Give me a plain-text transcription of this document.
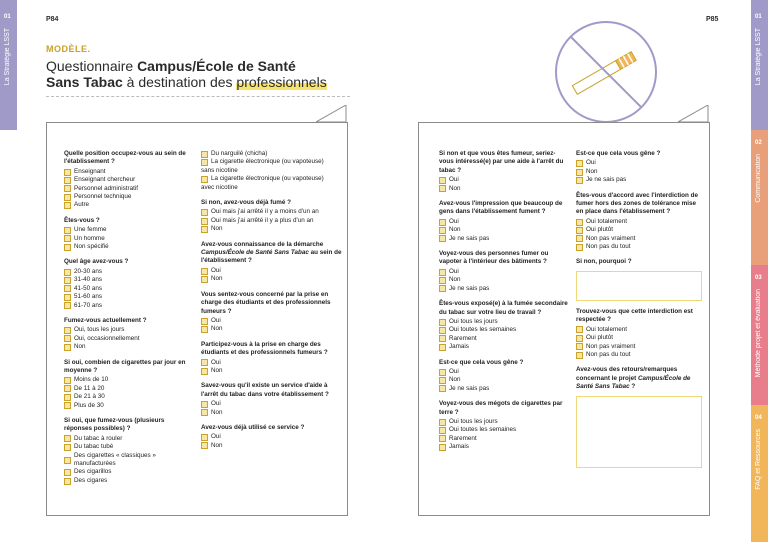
01
La Stratégie LSST
01
La Stratégie LSST
02
Communication
03
Méthode projet et évaluation
04
FAQ et Ressources
P84	P85
MODÈLE.
Questionnaire Campus/École de Santé
Sans Tabac à destination des professionnels
Quelle position occupez-vous au sein de l'établissement ?
Enseignant
Enseignant chercheur
Personnel administratif
Personnel technique
Autre
Êtes-vous ?
Une femme
Un homme
Non spécifié
Quel âge avez-vous ?
20-30 ans
31-40 ans
41-50 ans
51-60 ans
61-70 ans
Fumez-vous actuellement ?
Oui, tous les jours
Oui, occasionnellement
Non
Si oui, combien de cigarettes par jour en moyenne ?
Moins de 10
De 11 à 20
De 21 à 30
Plus de 30
Si oui, que fumez-vous (plusieurs réponses possibles) ?
Du tabac à rouler
Du tabac tubé
Des cigarettes « classiques » manufacturées
Des cigarillos
Des cigares
Du narguilé (chicha)
La cigarette électronique (ou vapoteuse)
sans nicotine
La cigarette électronique (ou vapoteuse)
avec nicotine
Si non, avez-vous déjà fumé ?
Oui mais j'ai arrêté il y a moins d'un an
Oui mais j'ai arrêté il y a plus d'un an
Non
Avez-vous connaissance de la démarche Campus/École de Santé Sans Tabac au sein de l'établissement ?
Oui
Non
Vous sentez-vous concerné par la prise en charge des étudiants et des professionnels fumeurs ?
Oui
Non
Participez-vous à la prise en charge des étudiants et des professionnels fumeurs ?
Oui
Non
Savez-vous qu'il existe un service d'aide à l'arrêt du tabac dans votre établissement ?
Oui
Non
Avez-vous déjà utilisé ce service ?
Oui
Non
Si non et que vous êtes fumeur, seriez-vous intéressé(e) par une aide à l'arrêt du tabac ?
Oui
Non
Avez-vous l'impression que beaucoup de gens dans l'établissement fument ?
Oui
Non
Je ne sais pas
Voyez-vous des personnes fumer ou vapoter à l'intérieur des bâtiments ?
Oui
Non
Je ne sais pas
Êtes-vous exposé(e) à la fumée secondaire du tabac sur votre lieu de travail ?
Oui tous les jours
Oui toutes les semaines
Rarement
Jamais
Est-ce que cela vous gêne ?
Oui
Non
Je ne sais pas
Voyez-vous des mégots de cigarettes par terre ?
Oui tous les jours
Oui toutes les semaines
Rarement
Jamais
Est-ce que cela vous gêne ?
Oui
Non
Je ne sais pas
Êtes-vous d'accord avec l'interdiction de fumer hors des zones de tolérance mise en place dans l'établissement ?
Oui totalement
Oui plutôt
Non pas vraiment
Non pas du tout
Si non, pourquoi ?
Trouvez-vous que cette interdiction est respectée ?
Oui totalement
Oui plutôt
Non pas vraiment
Non pas du tout
Avez-vous des retours/remarques concernant le projet Campus/École de Santé Sans Tabac ?
